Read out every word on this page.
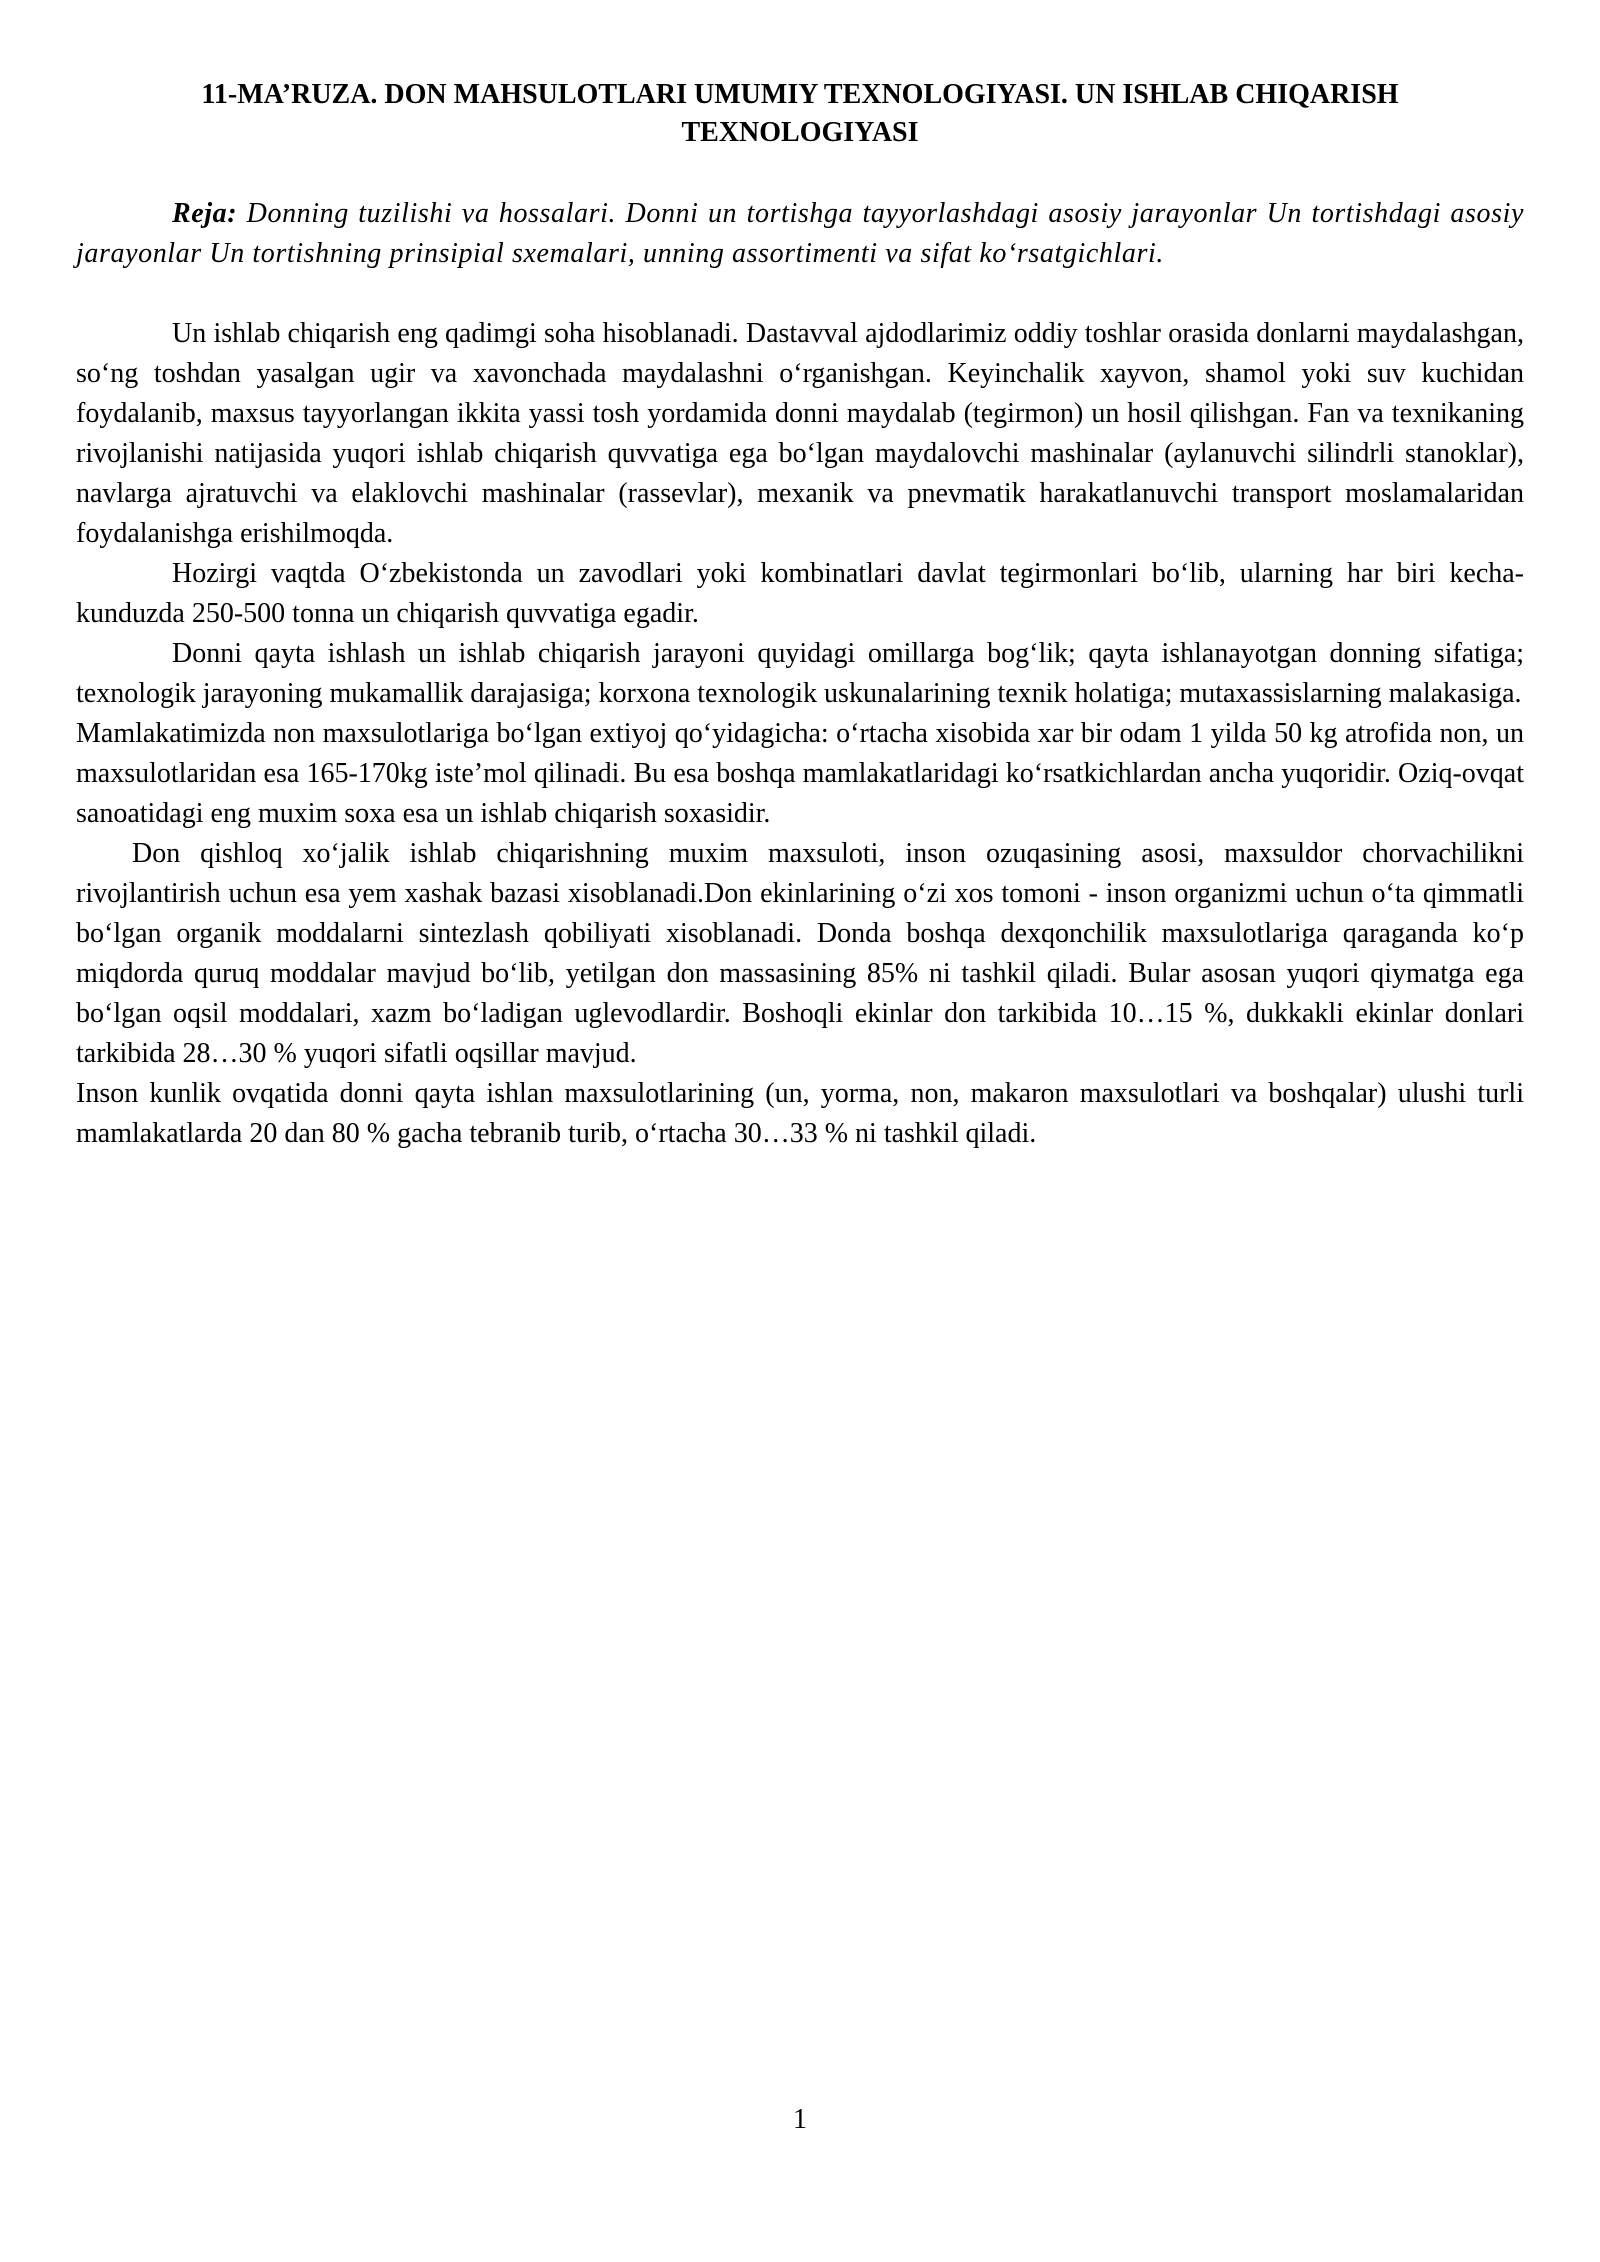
11-MA’RUZA. DON MAHSULOTLARI UMUMIY TEXNOLOGIYASI. UN ISHLAB CHIQARISH TEXNOLOGIYASI

Reja: Donning tuzilishi va hossalari. Donni un tortishga tayyorlashdagi asosiy jarayonlar Un tortishdagi asosiy jarayonlar Un tortishning prinsipial sxemalari, unning assortimenti va sifat ko‘rsatgichlari.

Un ishlab chiqarish eng qadimgi soha hisoblanadi. Dastavval ajdodlarimiz oddiy toshlar orasida donlarni maydalashgan, so‘ng toshdan yasalgan ugir va xavonchada maydalashni o‘rganishgan. Keyinchalik xayvon, shamol yoki suv kuchidan foydalanib, maxsus tayyorlangan ikkita yassi tosh yordamida donni maydalab (tegirmon) un hosil qilishgan. Fan va texnikaning rivojlanishi natijasida yuqori ishlab chiqarish quvvatiga ega bo‘lgan maydalovchi mashinalar (aylanuvchi silindrli stanoklar), navlarga ajratuvchi va elaklovchi mashinalar (rassevlar), mexanik va pnevmatik harakatlanuvchi transport moslamalaridan foydalanishga erishilmoqda.

Hozirgi vaqtda O‘zbekistonda un zavodlari yoki kombinatlari davlat tegirmonlari bo‘lib, ularning har biri kecha-kunduzda 250-500 tonna un chiqarish quvvatiga egadir.

Donni qayta ishlash un ishlab chiqarish jarayoni quyidagi omillarga bog‘lik; qayta ishlanayotgan donning sifatiga; texnologik jarayoning mukamallik darajasiga; korxona texnologik uskunalarining texnik holatiga; mutaxassislarning malakasiga.

Mamlakatimizda non maxsulotlariga bo‘lgan extiyoj qo‘yidagicha: o‘rtacha xisobida xar bir odam 1 yilda 50 kg atrofida non, un maxsulotlaridan esa 165-170kg iste’mol qilinadi. Bu esa boshqa mamlakatlaridagi ko‘rsatkichlardan ancha yuqoridir. Oziq-ovqat sanoatidagi eng muxim soxa esa un ishlab chiqarish soxasidir.

Don qishloq xo‘jalik ishlab chiqarishning muxim maxsuloti, inson ozuqasining asosi, maxsuldor chorvachilikni rivojlantirish uchun esa yem xashak bazasi xisoblanadi.Don ekinlarining o‘zi xos tomoni - inson organizmi uchun o‘ta qimmatli bo‘lgan organik moddalarni sintezlash qobiliyati xisoblanadi. Donda boshqa dexqonchilik maxsulotlariga qaraganda ko‘p miqdorda quruq moddalar mavjud bo‘lib, yetilgan don massasining 85% ni tashkil qiladi. Bular asosan yuqori qiymatga ega bo‘lgan oqsil moddalari, xazm bo‘ladigan uglevodlardir. Boshoqli ekinlar don tarkibida 10…15 %, dukkakli ekinlar donlari tarkibida 28…30 % yuqori sifatli oqsillar mavjud.

Inson kunlik ovqatida donni qayta ishlan maxsulotlarining (un, yorma, non, makaron maxsulotlari va boshqalar) ulushi turli mamlakatlarda 20 dan 80 % gacha tebranib turib, o‘rtacha 30…33 % ni tashkil qiladi.

1
